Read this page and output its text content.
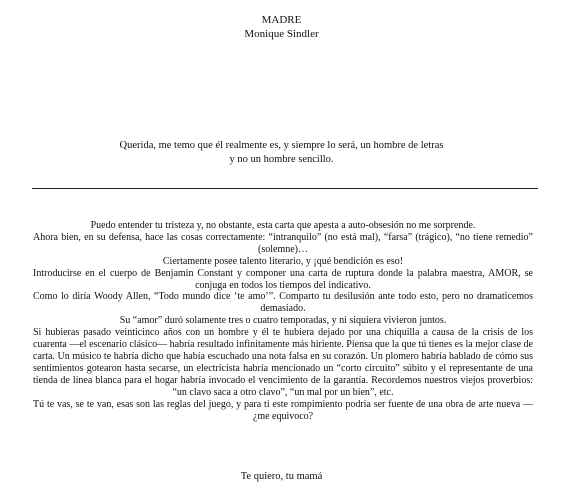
MADRE
Monique Sindler
Querida, me temo que él realmente es, y siempre lo será, un hombre de letras
y no un hombre sencillo.

Puedo entender tu tristeza y, no obstante, esta carta que apesta a auto-obsesión no me sorprende.

Ahora bien, en su defensa, hace las cosas correctamente: “intranquilo” (no está mal), “farsa” (trágico), “no tiene remedio” (solemne)…

Ciertamente posee talento literario, y ¡qué bendición es eso!

Introducirse en el cuerpo de Benjamin Constant y componer una carta de ruptura donde la palabra maestra, AMOR, se conjuga en todos los tiempos del indicativo.

Como lo diría Woody Allen, “Todo mundo dice ‘te amo’”. Comparto tu desilusión ante todo esto, pero no dramaticemos demasiado.

Su “amor” duró solamente tres o cuatro temporadas, y ni siquiera vivieron juntos.

Si hubieras pasado veinticinco años con un hombre y él te hubiera dejado por una chiquilla a causa de la crisis de los cuarenta —el escenario clásico— habría resultado infinitamente más hiriente. Piensa que la que tú tienes es la mejor clase de carta. Un músico te habría dicho que había escuchado una nota falsa en su corazón. Un plomero habría hablado de cómo sus sentimientos gotearon hasta secarse, un electricista habría mencionado un “corto circuito” súbito y el representante de una tienda de línea blanca para el hogar habría invocado el vencimiento de la garantía. Recordemos nuestros viejos proverbios: “un clavo saca a otro clavo”, “un mal por un bien”, etc.

Tú te vas, se te van, esas son las reglas del juego, y para ti este rompimiento podría ser fuente de una obra de arte nueva —¿me equivoco?

Te quiero, tu mamá
